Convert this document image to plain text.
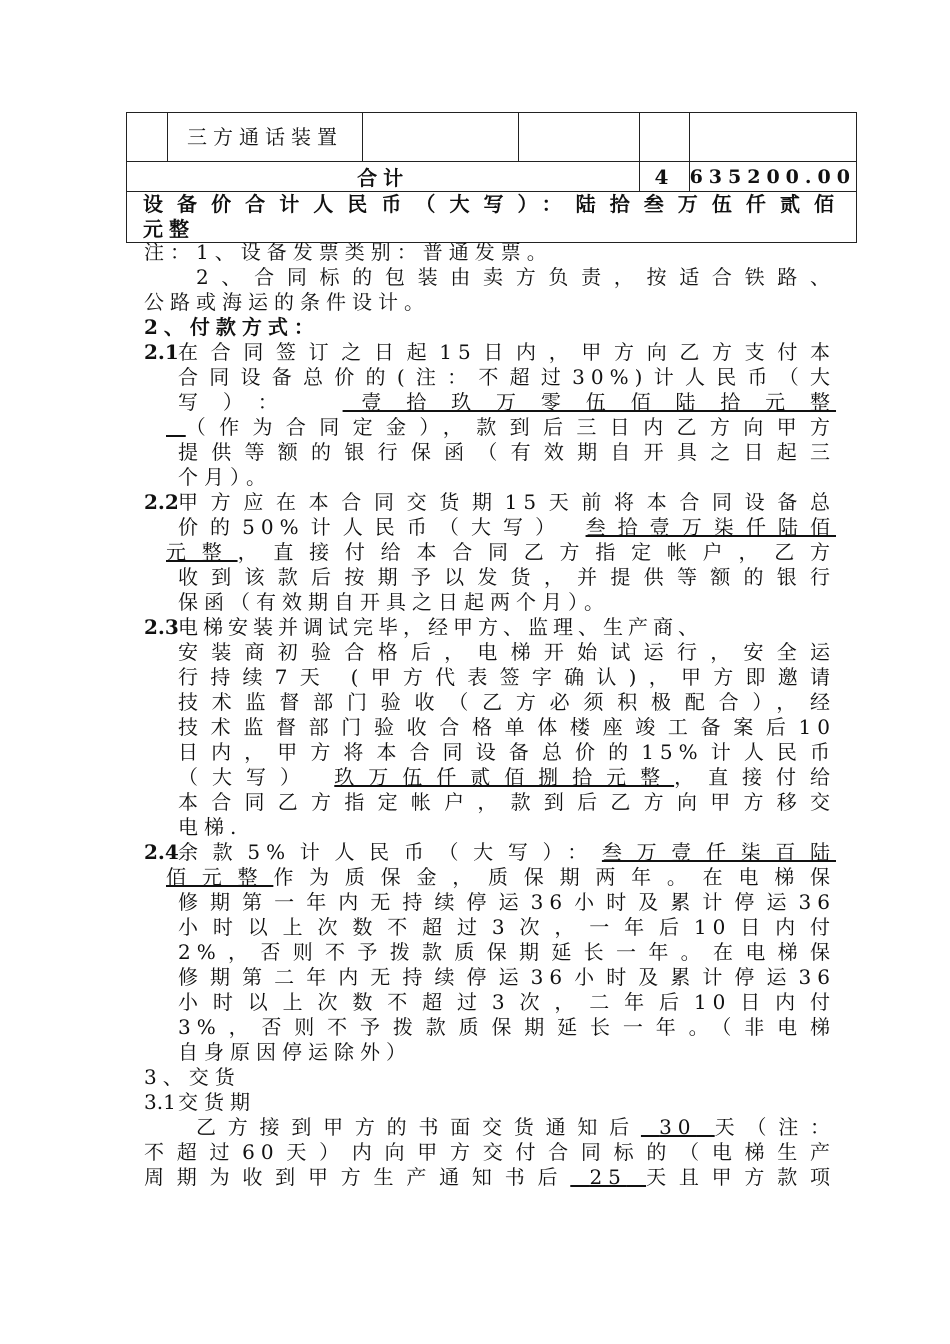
	三方通话装置				
合计				4	635200.00

设备价合计人民币（大写）：陆拾叁万伍仟贰佰
元整					
注：1、设备发票类别：普通发票。
2、合同标的包装由卖方负责，按适合铁路、
公路或海运的条件设计。
2、付款方式：
2.1 在合同签订之日起15日内，甲方向乙方支付本
合同设备总价的(注：不超过30%)计人民币（大
写）： 壹拾玖万零伍佰陆拾元整
（作为合同定金），款到后三日内乙方向甲方
提供等额的银行保函（有效期自开具之日起三
个月）。
2.2 甲方应在本合同交货期15天前将本合同设备总
价的50%计人民币（大写） 叁拾壹万柒仟陆佰
元整，直接付给本合同乙方指定帐户，乙方
收到该款后按期予以发货，并提供等额的银行
保函（有效期自开具之日起两个月）。
2.3 电梯安装并调试完毕，经甲方、监理、生产商、
安装商初验合格后，电梯开始试运行，安全运
行持续7天 (甲方代表签字确认)，甲方即邀请
技术监督部门验收（乙方必须积极配合），经
技术监督部门验收合格单体楼座竣工备案后10
日内，甲方将本合同设备总价的15%计人民币
（大写） 玖万伍仟贰佰捌拾元整，直接付给
本合同乙方指定帐户，款到后乙方向甲方移交
电梯.
2.4 余款5%计人民币（大写）：叁万壹仟柒百陆
佰元整作为质保金，质保期两年。在电梯保
修期第一年内无持续停运36小时及累计停运36
小时以上次数不超过3次，一年后10日内付
2%，否则不予拨款质保期延长一年。在电梯保
修期第二年内无持续停运36小时及累计停运36
小时以上次数不超过3次，二年后10日内付
3%，否则不予拨款质保期延长一年。（非电梯
自身原因停运除外）
3、交货
3.1 交货期
乙方接到甲方的书面交货通知后 30 天（注：
不超过60天）内向甲方交付合同标的（电梯生产
周期为收到甲方生产通知书后 25 天且甲方款项
